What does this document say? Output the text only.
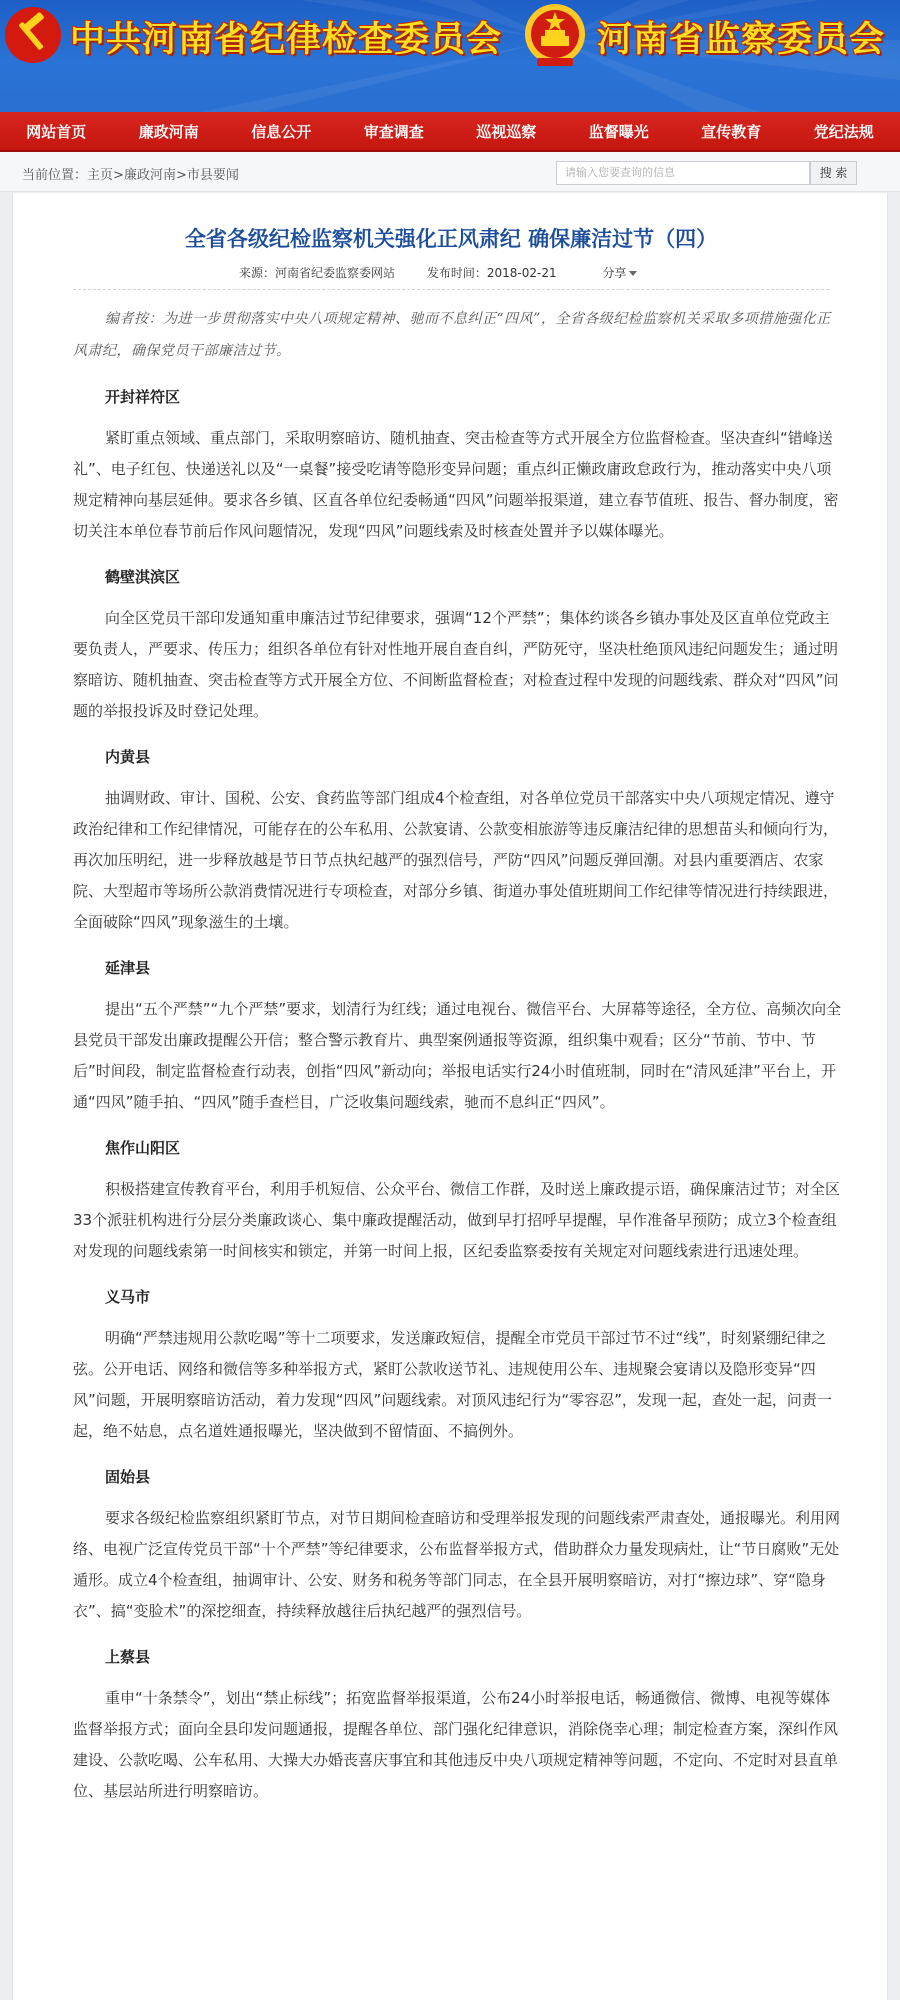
中共河南省纪律检查委员会	河南省监察委员会
网站首页	廉政河南	信息公开	审查调查	巡视巡察	监督曝光	宣传教育	党纪法规
当前位置：主页>廉政河南>市县要闻	请输入您要查询的信息	搜 索
全省各级纪检监察机关强化正风肃纪 确保廉洁过节（四）
来源：河南省纪委监察委网站	发布时间：2018-02-21	分享

编者按：为进一步贯彻落实中央八项规定精神、驰而不息纠正“四风”，全省各级纪检监察机关采取多项措施强化正风肃纪，确保党员干部廉洁过节。

开封祥符区

紧盯重点领域、重点部门，采取明察暗访、随机抽查、突击检查等方式开展全方位监督检查。坚决查纠“错峰送礼”、电子红包、快递送礼以及“一桌餐”接受吃请等隐形变异问题；重点纠正懒政庸政怠政行为，推动落实中央八项规定精神向基层延伸。要求各乡镇、区直各单位纪委畅通“四风”问题举报渠道，建立春节值班、报告、督办制度，密切关注本单位春节前后作风问题情况，发现“四风”问题线索及时核查处置并予以媒体曝光。

鹤壁淇滨区

向全区党员干部印发通知重申廉洁过节纪律要求，强调“12个严禁”；集体约谈各乡镇办事处及区直单位党政主要负责人，严要求、传压力；组织各单位有针对性地开展自查自纠，严防死守，坚决杜绝顶风违纪问题发生；通过明察暗访、随机抽查、突击检查等方式开展全方位、不间断监督检查；对检查过程中发现的问题线索、群众对“四风”问题的举报投诉及时登记处理。

内黄县

抽调财政、审计、国税、公安、食药监等部门组成4个检查组，对各单位党员干部落实中央八项规定情况、遵守政治纪律和工作纪律情况，可能存在的公车私用、公款宴请、公款变相旅游等违反廉洁纪律的思想苗头和倾向行为，再次加压明纪，进一步释放越是节日节点执纪越严的强烈信号，严防“四风”问题反弹回潮。对县内重要酒店、农家院、大型超市等场所公款消费情况进行专项检查，对部分乡镇、街道办事处值班期间工作纪律等情况进行持续跟进，全面破除“四风”现象滋生的土壤。

延津县

提出“五个严禁”“九个严禁”要求，划清行为红线；通过电视台、微信平台、大屏幕等途径，全方位、高频次向全县党员干部发出廉政提醒公开信；整合警示教育片、典型案例通报等资源，组织集中观看；区分“节前、节中、节后”时间段，制定监督检查行动表，创指“四风”新动向；举报电话实行24小时值班制，同时在“清风延津”平台上，开通“四风”随手拍、“四风”随手查栏目，广泛收集问题线索，驰而不息纠正“四风”。

焦作山阳区

积极搭建宣传教育平台，利用手机短信、公众平台、微信工作群，及时送上廉政提示语，确保廉洁过节；对全区33个派驻机构进行分层分类廉政谈心、集中廉政提醒活动，做到早打招呼早提醒，早作准备早预防；成立3个检查组对发现的问题线索第一时间核实和锁定，并第一时间上报，区纪委监察委按有关规定对问题线索进行迅速处理。

义马市

明确“严禁违规用公款吃喝”等十二项要求，发送廉政短信，提醒全市党员干部过节不过“线”，时刻紧绷纪律之弦。公开电话、网络和微信等多种举报方式，紧盯公款收送节礼、违规使用公车、违规聚会宴请以及隐形变异“四风”问题，开展明察暗访活动，着力发现“四风”问题线索。对顶风违纪行为“零容忍”，发现一起，查处一起，问责一起，绝不姑息，点名道姓通报曝光，坚决做到不留情面、不搞例外。

固始县

要求各级纪检监察组织紧盯节点，对节日期间检查暗访和受理举报发现的问题线索严肃查处，通报曝光。利用网络、电视广泛宣传党员干部“十个严禁”等纪律要求，公布监督举报方式，借助群众力量发现病灶，让“节日腐败”无处遁形。成立4个检查组，抽调审计、公安、财务和税务等部门同志，在全县开展明察暗访，对打“擦边球”、穿“隐身衣”、搞“变脸术”的深挖细查，持续释放越往后执纪越严的强烈信号。

上蔡县

重申“十条禁令”，划出“禁止标线”；拓宽监督举报渠道，公布24小时举报电话，畅通微信、微博、电视等媒体监督举报方式；面向全县印发问题通报，提醒各单位、部门强化纪律意识，消除侥幸心理；制定检查方案，深纠作风建设、公款吃喝、公车私用、大操大办婚丧喜庆事宜和其他违反中央八项规定精神等问题，不定向、不定时对县直单位、基层站所进行明察暗访。
